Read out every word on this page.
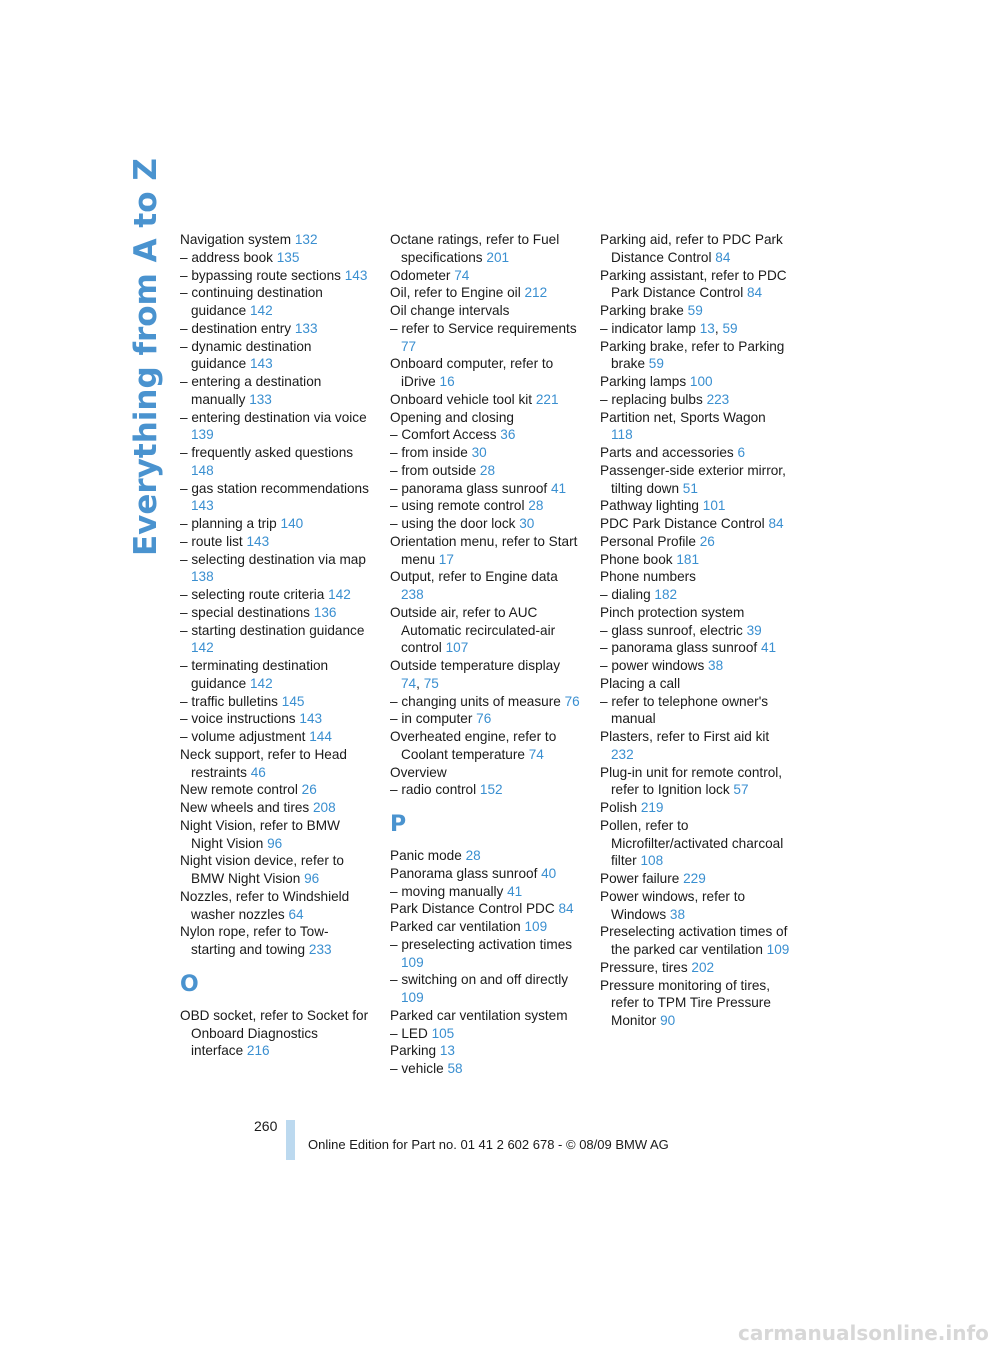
Everything from A to Z	Navigation system 132
– address book 135
– bypassing route sections 143
– continuing destination guidance 142
– destination entry 133
– dynamic destination guidance 143
– entering a destination manually 133
– entering destination via voice 139
– frequently asked questions 148
– gas station recommendations 143
– planning a trip 140
– route list 143
– selecting destination via map 138
– selecting route criteria 142
– special destinations 136
– starting destination guidance 142
– terminating destination guidance 142
– traffic bulletins 145
– voice instructions 143
– volume adjustment 144
Neck support, refer to Head restraints 46
New remote control 26
New wheels and tires 208
Night Vision, refer to BMW Night Vision 96
Night vision device, refer to BMW Night Vision 96
Nozzles, refer to Windshield washer nozzles 64
Nylon rope, refer to Tow-starting and towing 233
O
OBD socket, refer to Socket for Onboard Diagnostics interface 216
Octane ratings, refer to Fuel specifications 201
Odometer 74
Oil, refer to Engine oil 212
Oil change intervals
– refer to Service requirements 77
Onboard computer, refer to iDrive 16
Onboard vehicle tool kit 221
Opening and closing
– Comfort Access 36
– from inside 30
– from outside 28
– panorama glass sunroof 41
– using remote control 28
– using the door lock 30
Orientation menu, refer to Start menu 17
Output, refer to Engine data 238
Outside air, refer to AUC Automatic recirculated-air control 107
Outside temperature display 74, 75
– changing units of measure 76
– in computer 76
Overheated engine, refer to Coolant temperature 74
Overview
– radio control 152
P
Panic mode 28
Panorama glass sunroof 40
– moving manually 41
Park Distance Control PDC 84
Parked car ventilation 109
– preselecting activation times 109
– switching on and off directly 109
Parked car ventilation system
– LED 105
Parking 13
– vehicle 58
Parking aid, refer to PDC Park Distance Control 84
Parking assistant, refer to PDC Park Distance Control 84
Parking brake 59
– indicator lamp 13, 59
Parking brake, refer to Parking brake 59
Parking lamps 100
– replacing bulbs 223
Partition net, Sports Wagon 118
Parts and accessories 6
Passenger-side exterior mirror, tilting down 51
Pathway lighting 101
PDC Park Distance Control 84
Personal Profile 26
Phone book 181
Phone numbers
– dialing 182
Pinch protection system
– glass sunroof, electric 39
– panorama glass sunroof 41
– power windows 38
Placing a call
– refer to telephone owner's manual
Plasters, refer to First aid kit 232
Plug-in unit for remote control, refer to Ignition lock 57
Polish 219
Pollen, refer to Microfilter/activated charcoal filter 108
Power failure 229
Power windows, refer to Windows 38
Preselecting activation times of the parked car ventilation 109
Pressure, tires 202
Pressure monitoring of tires, refer to TPM Tire Pressure Monitor 90
260
Online Edition for Part no. 01 41 2 602 678 - © 08/09 BMW AG
carmanualsonline.info
